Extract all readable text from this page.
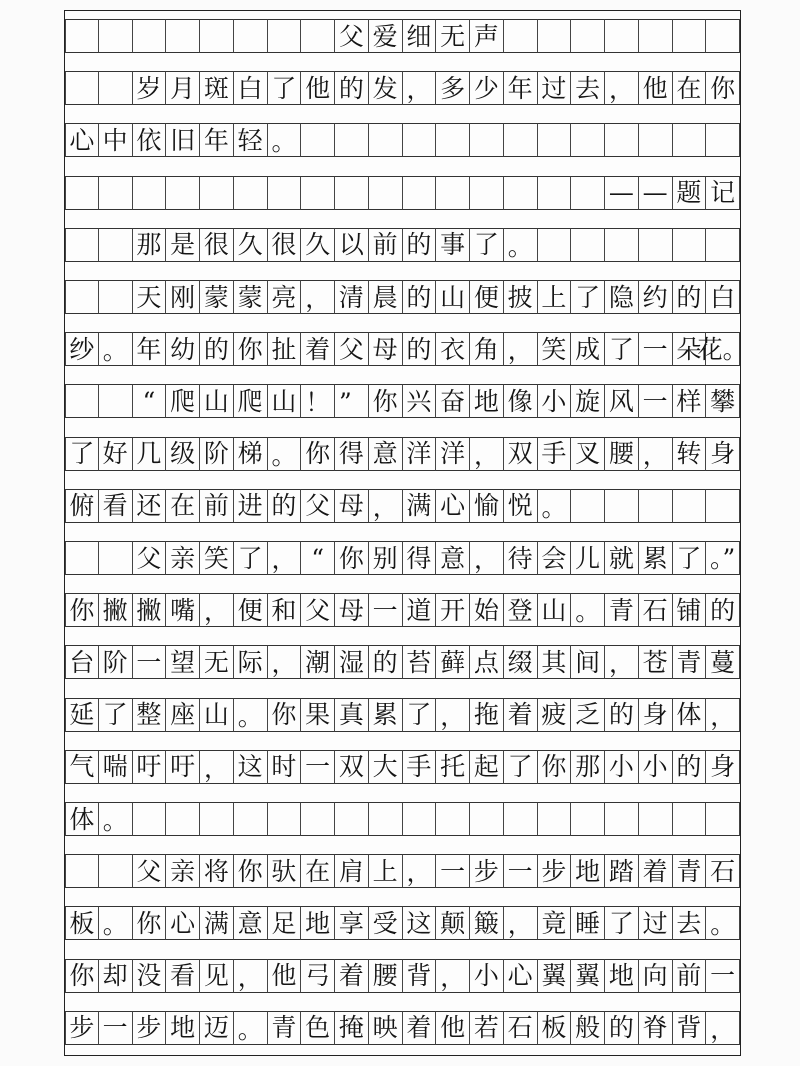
父 爱 细 无 声
岁 月 斑 白 了 他 的 发 ， 多 少 年 过 去 ， 他 在 你
心 中 依 旧 年 轻 。
— — 题 记
那 是 很 久 很 久 以 前 的 事 了 。
天 刚 蒙 蒙 亮 ， 清 晨 的 山 便 披 上 了 隐 约 的 白
纱 。 年 幼 的 你 扯 着 父 母 的 衣 角 ， 笑 成 了 一 朵
花。
“ 爬 山 爬 山 ！ ” 你 兴 奋 地 像 小 旋 风 一 样 攀
了 好 几 级 阶 梯 。 你 得 意 洋 洋 ， 双 手 叉 腰 ， 转 身
俯 看 还 在 前 进 的 父 母 ， 满 心 愉 悦 。
父 亲 笑 了 ， “ 你 别 得 意 ， 待 会 儿 就 累 了 。”
你 撇 撇 嘴 ， 便 和 父 母 一 道 开 始 登 山 。 青 石 铺 的
台 阶 一 望 无 际 ， 潮 湿 的 苔 藓 点 缀 其 间 ， 苍 青 蔓
延 了 整 座 山 。 你 果 真 累 了 ， 拖 着 疲 乏 的 身 体 ，
气 喘 吁 吁 ， 这 时 一 双 大 手 托 起 了 你 那 小 小 的 身
体 。
父 亲 将 你 驮 在 肩 上 ， 一 步 一 步 地 踏 着 青 石
板 。 你 心 满 意 足 地 享 受 这 颠 簸 ， 竟 睡 了 过 去 。
你 却 没 看 见 ， 他 弓 着 腰 背 ， 小 心 翼 翼 地 向 前 一
步 一 步 地 迈 。 青 色 掩 映 着 他 若 石 板 般 的 脊 背 ，
